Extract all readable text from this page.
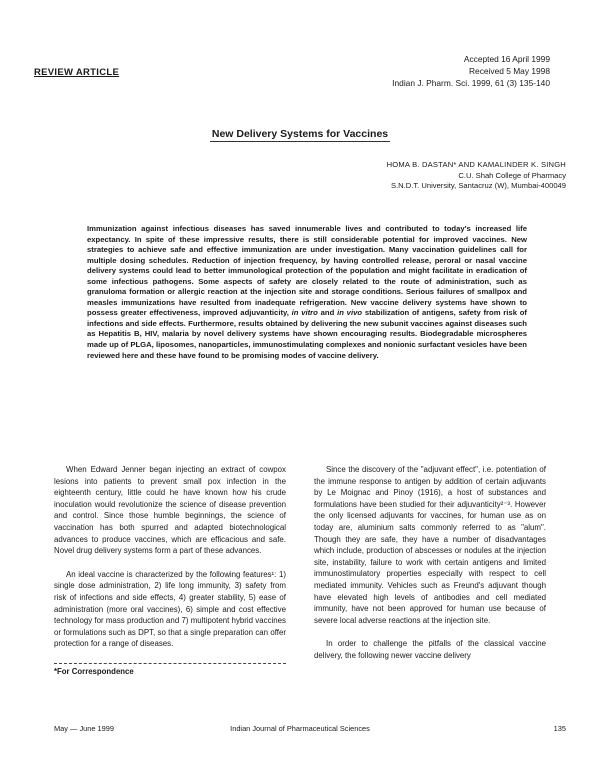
REVIEW ARTICLE
Accepted 16 April 1999
Received 5 May 1998
Indian J. Pharm. Sci. 1999, 61 (3) 135-140
New Delivery Systems for Vaccines
HOMA B. DASTAN* AND KAMALINDER K. SINGH
C.U. Shah College of Pharmacy
S.N.D.T. University, Santacruz (W), Mumbai-400049
Immunization against infectious diseases has saved innumerable lives and contributed to today's increased life expectancy. In spite of these impressive results, there is still considerable potential for improved vaccines. New strategies to achieve safe and effective immunization are under investigation. Many vaccination guidelines call for multiple dosing schedules. Reduction of injection frequency, by having controlled release, peroral or nasal vaccine delivery systems could lead to better immunological protection of the population and might facilitate in eradication of some infectious pathogens. Some aspects of safety are closely related to the route of administration, such as granuloma formation or allergic reaction at the injection site and storage conditions. Serious failures of smallpox and measles immunizations have resulted from inadequate refrigeration. New vaccine delivery systems have shown to possess greater effectiveness, improved adjuvanticity, in vitro and in vivo stabilization of antigens, safety from risk of infections and side effects. Furthermore, results obtained by delivering the new subunit vaccines against diseases such as Hepatitis B, HIV, malaria by novel delivery systems have shown encouraging results. Biodegradable microspheres made up of PLGA, liposomes, nanoparticles, immunostimulating complexes and nonionic surfactant vesicles have been reviewed here and these have found to be promising modes of vaccine delivery.

When Edward Jenner began injecting an extract of cowpox lesions into patients to prevent small pox infection in the eighteenth century, little could he have known how his crude inoculation would revolutionize the science of disease prevention and control. Since those humble beginnings, the science of vaccination has both spurred and adapted biotechnological advances to produce vaccines, which are efficacious and safe. Novel drug delivery systems form a part of these advances.

An ideal vaccine is characterized by the following features¹: 1) single dose administration, 2) life long immunity, 3) safety from risk of infections and side effects, 4) greater stability, 5) ease of administration (more oral vaccines), 6) simple and cost effective technology for mass production and 7) multipotent hybrid vaccines or formulations such as DPT, so that a single preparation can offer protection for a range of diseases.

*For Correspondence

Since the discovery of the "adjuvant effect", i.e. potentiation of the immune response to antigen by addition of certain adjuvants by Le Moignac and Pinoy (1916), a host of substances and formulations have been studied for their adjuvanticity²⁻³. However the only licensed adjuvants for vaccines, for human use as on today are, aluminium salts commonly referred to as "alum". Though they are safe, they have a number of disadvantages which include, production of abscesses or nodules at the injection site, instability, failure to work with certain antigens and limited immunostimulatory properties especially with respect to cell mediated immunity. Vehicles such as Freund's adjuvant though have elevated high levels of antibodies and cell mediated immunity, have not been approved for human use because of severe local adverse reactions at the injection site.

In order to challenge the pitfalls of the classical vaccine delivery, the following newer vaccine delivery

May — June 1999	Indian Journal of Pharmaceutical Sciences	135
